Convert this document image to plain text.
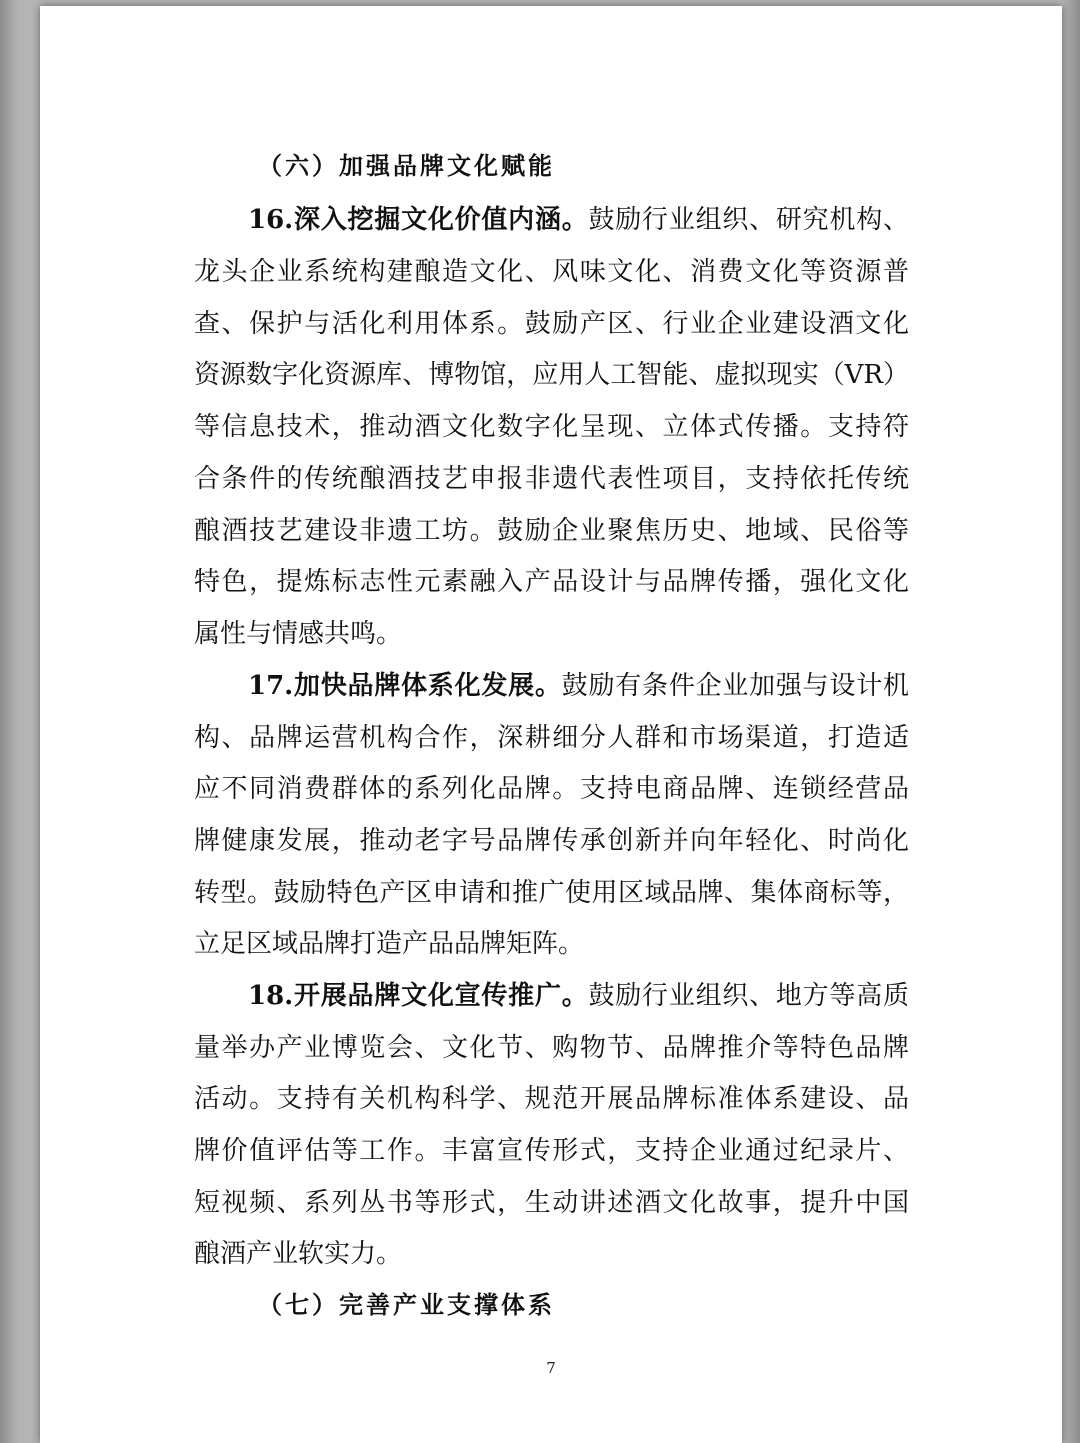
（六）加强品牌文化赋能
16.深入挖掘文化价值内涵。鼓励行业组织、研究机构、
龙头企业系统构建酿造文化、风味文化、消费文化等资源普
查、保护与活化利用体系。鼓励产区、行业企业建设酒文化
资源数字化资源库、博物馆，应用人工智能、虚拟现实（VR）
等信息技术，推动酒文化数字化呈现、立体式传播。支持符
合条件的传统酿酒技艺申报非遗代表性项目，支持依托传统
酿酒技艺建设非遗工坊。鼓励企业聚焦历史、地域、民俗等
特色，提炼标志性元素融入产品设计与品牌传播，强化文化
属性与情感共鸣。
17.加快品牌体系化发展。鼓励有条件企业加强与设计机
构、品牌运营机构合作，深耕细分人群和市场渠道，打造适
应不同消费群体的系列化品牌。支持电商品牌、连锁经营品
牌健康发展，推动老字号品牌传承创新并向年轻化、时尚化
转型。鼓励特色产区申请和推广使用区域品牌、集体商标等，
立足区域品牌打造产品品牌矩阵。
18.开展品牌文化宣传推广。鼓励行业组织、地方等高质
量举办产业博览会、文化节、购物节、品牌推介等特色品牌
活动。支持有关机构科学、规范开展品牌标准体系建设、品
牌价值评估等工作。丰富宣传形式，支持企业通过纪录片、
短视频、系列丛书等形式，生动讲述酒文化故事，提升中国
酿酒产业软实力。
（七）完善产业支撑体系
7
